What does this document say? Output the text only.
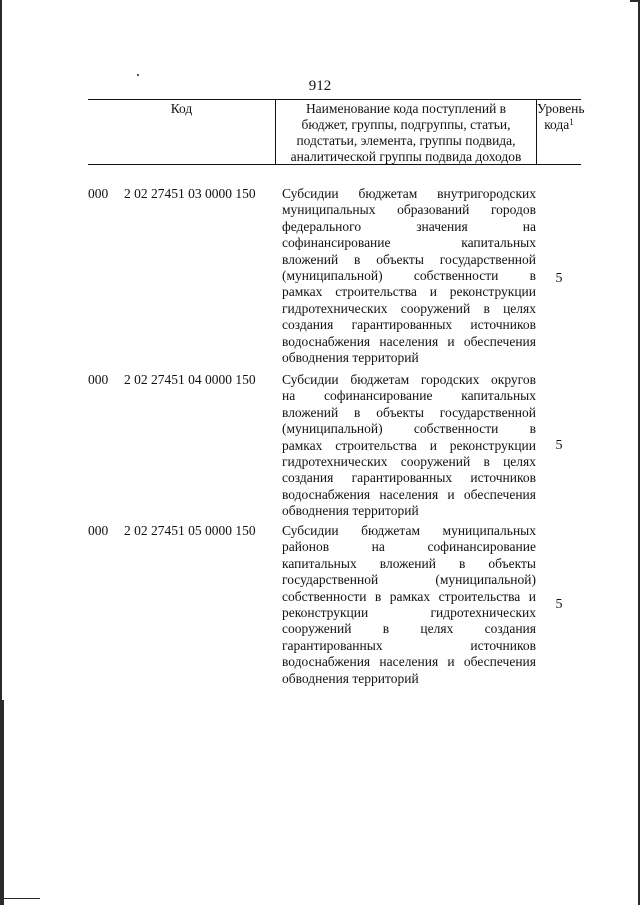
912
Код	Наименование кода поступлений в
бюджет, группы, подгруппы, статьи,
подстатьи, элемента, группы подвида,
аналитической группы подвида доходов
Уровень
кода$^1$
000 2 02 27451 03 0000 150 Субсидии бюджетам внутригородских
муниципальных образований городов
федерального значения на
софинансирование капитальных
вложений в объекты государственной
(муниципальной) собственности в
рамках строительства и реконструкции
гидротехнических сооружений в целях
создания гарантированных источников
водоснабжения населения и обеспечения
обводнения территорий
5
000 2 02 27451 04 0000 150 Субсидии бюджетам городских округов
на софинансирование капитальных
вложений в объекты государственной
(муниципальной) собственности в
рамках строительства и реконструкции
гидротехнических сооружений в целях
создания гарантированных источников
водоснабжения населения и обеспечения
обводнения территорий
5
000 2 02 27451 05 0000 150 Субсидии бюджетам муниципальных
районов на софинансирование
капитальных вложений в объекты
государственной (муниципальной)
собственности в рамках строительства и
реконструкции гидротехнических
сооружений в целях создания
гарантированных источников
водоснабжения населения и обеспечения
обводнения территорий
5
